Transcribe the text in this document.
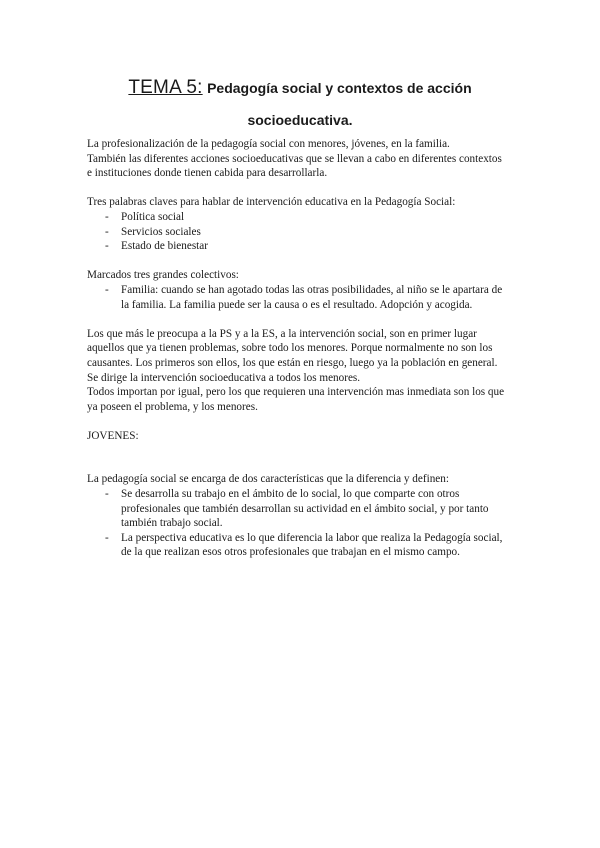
TEMA 5: Pedagogía social y contextos de acción
socioeducativa.

La profesionalización de la pedagogía social con menores, jóvenes, en la familia.

También las diferentes acciones socioeducativas que se llevan a cabo en diferentes contextos e instituciones donde tienen cabida para desarrollarla.

Tres palabras claves para hablar de intervención educativa en la Pedagogía Social:

- Política social
- Servicios sociales
- Estado de bienestar

Marcados tres grandes colectivos:

- Familia: cuando se han agotado todas las otras posibilidades, al niño se le apartara de la familia. La familia puede ser la causa o es el resultado. Adopción y acogida.

Los que más le preocupa a la PS y a la ES, a la intervención social, son en primer lugar aquellos que ya tienen problemas, sobre todo los menores. Porque normalmente no son los causantes. Los primeros son ellos, los que están en riesgo, luego ya la población en general.

Se dirige la intervención socioeducativa a todos los menores.

Todos importan por igual, pero los que requieren una intervención mas inmediata son los que ya poseen el problema, y los menores.

JOVENES:

La pedagogía social se encarga de dos características que la diferencia y definen:

- Se desarrolla su trabajo en el ámbito de lo social, lo que comparte con otros profesionales que también desarrollan su actividad en el ámbito social, y por tanto también trabajo social.
- La perspectiva educativa es lo que diferencia la labor que realiza la Pedagogía social, de la que realizan esos otros profesionales que trabajan en el mismo campo.
